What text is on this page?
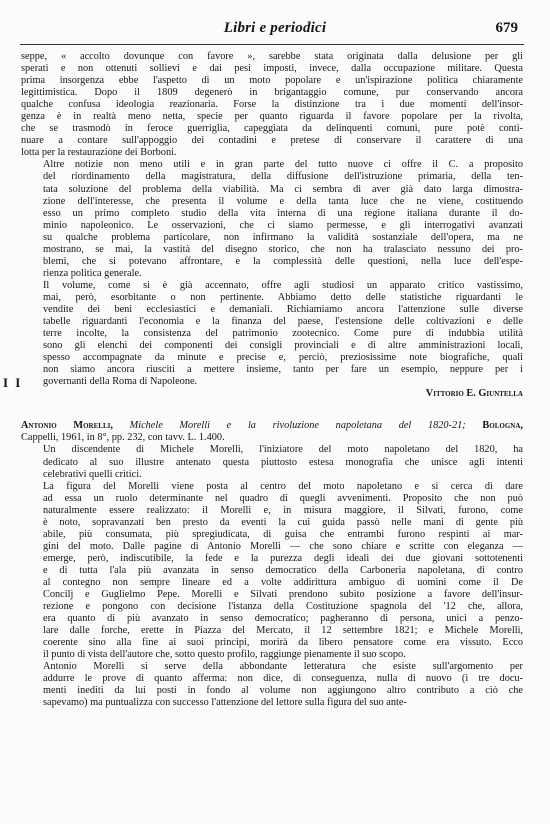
Libri e periodici	679
I I

seppe, « accolto dovunque con favore », sarebbe stata originata dalla delusione per gli
sperati e non ottenuti sollievi e dai pesi imposti, invece, dalla occupazione militare. Questa
prima insorgenza ebbe l'aspetto di un moto popolare e un'ispirazione politica chiaramente
legittimistica. Dopo il 1809 degenerò in brigantaggio comune, pur conservando ancora
qualche confusa ideologia reazionaria. Forse la distinzione tra i due momenti dell'insor-
genza è in realtà meno netta, specie per quanto riguarda il favore popolare per la rivolta,
che se trasmodò in feroce guerriglia, capeggiata da delinquenti comuni, pure potè conti-
nuare a contare sull'appoggio dei contadini e pretese di conservare il carattere di una
lotta per la restaurazione dei Borboni.

Altre notizie non meno utili e in gran parte del tutto nuove ci offre il C. a proposito
del riordinamento della magistratura, della diffusione dell'istruzione primaria, della ten-
tata soluzione del problema della viabilità. Ma ci sembra di aver già dato larga dimostra-
zione dell'interesse, che presenta il volume e della tanta luce che ne viene, costituendo
esso un primo completo studio della vita interna di una regione italiana durante il do-
minio napoleonico. Le osservazioni, che ci siamo permesse, e gli interrogativi avanzati
su qualche problema particolare, non infirmano la validità sostanziale dell'opera, ma ne
mostrano, se mai, la vastità del disegno storico, che non ha tralasciato nessuno dei pro-
blemi, che si potevano affrontare, e la complessità delle questioni, nella luce dell'espe-
rienza politica generale.

Il volume, come si è già accennato, offre agli studiosi un apparato critico vastissimo,
mai, però, esorbitante o non pertinente. Abbiamo detto delle statistiche riguardanti le
vendite dei beni ecclesiastici e demaniali. Richiamiamo ancora l'attenzione sulle diverse
tabelle riguardanti l'economia e la finanza del paese, l'estensione delle coltivazioni e delle
terre incolte, la consistenza del patrimonio zootecnico. Come pure di indubbia utilità
sono gli elenchi dei componenti dei consigli provinciali e di altre amministrazioni locali,
spesso accompagnate da minute e precise e, perciò, preziosissime note biografiche, quali
non siamo ancora riusciti a mettere insieme, tanto per fare un esempio, neppure per i
governanti della Roma di Napoleone.

Vittorio E. Giuntella

Antonio Morelli, Michele Morelli e la rivoluzione napoletana del 1820-21; Bologna,
Cappelli, 1961, in 8°, pp. 232, con tavv. L. 1.400.

Un discendente di Michele Morelli, l'iniziatore del moto napoletano del 1820, ha
dedicato al suo illustre antenato questa piuttosto estesa monografia che unisce agli intenti
celebrativi quelli critici.

La figura del Morelli viene posta al centro del moto napoletano e si cerca di dare
ad essa un ruolo determinante nel quadro di quegli avvenimenti. Proposito che non può
naturalmente essere realizzato: il Morelli e, in misura maggiore, il Silvati, furono, come
è noto, sopravanzati ben presto da eventi la cui guida passò nelle mani di gente più
abile, più consumata, più spregiudicata, di guisa che entrambi furono respinti ai mar-
gini del moto. Dalle pagine di Antonio Morelli — che sono chiare e scritte con eleganza —
emerge, però, indiscutibile, la fede e la purezza degli ideali dei due giovani sottotenenti
e di tutta l'ala più avanzata in senso democratico della Carboneria napoletana, di contro
al contegno non sempre lineare ed a volte addirittura ambiguo di uomini come il De
Concilj e Guglielmo Pepe. Morelli e Silvati prendono subito posizione a favore dell'insur-
rezione e pongono con decisione l'istanza della Costituzione spagnola del '12 che, allora,
era quanto di più avanzato in senso democratico; pagheranno di persona, unici a penzo-
lare dalle forche, erette in Piazza del Mercato, il 12 settembre 1821; e Michele Morelli,
coerente sino alla fine ai suoi principi, morirà da libero pensatore come era vissuto. Ecco
il punto di vista dell'autore che, sotto questo profilo, raggiunge pienamente il suo scopo.

Antonio Morelli si serve della abbondante letteratura che esiste sull'argomento per
addurre le prove di quanto afferma: non dice, di conseguenza, nulla di nuovo (i tre docu-
menti inediti da lui posti in fondo al volume non aggiungono altro contributo a ciò che
sapevamo) ma puntualizza con successo l'attenzione del lettore sulla figura del suo ante-
